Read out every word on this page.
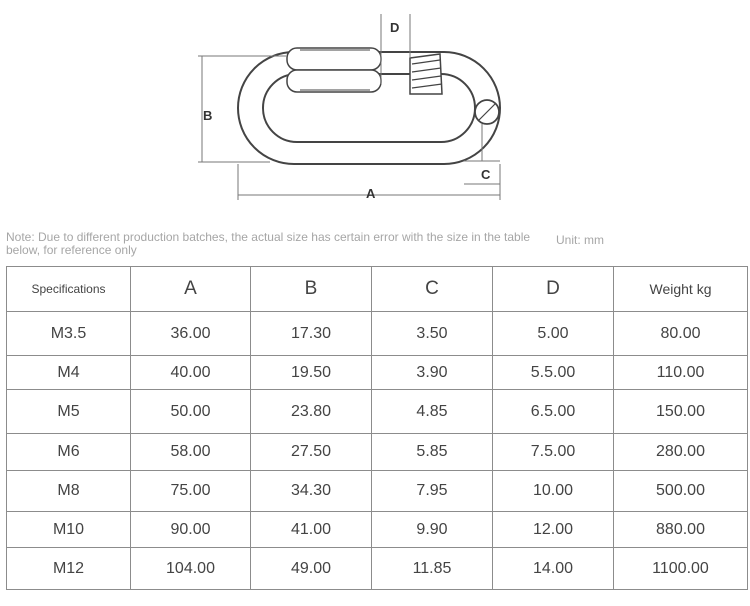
D
B
A
C
Note: Due to different production batches, the actual size has certain error with the size in the table below, for reference only
Unit: mm
Specifications	A	B	C	D	Weight kg
M3.5	36.00	17.30	3.50	5.00	80.00
M4	40.00	19.50	3.90	5.5.00	110.00
M5	50.00	23.80	4.85	6.5.00	150.00
M6	58.00	27.50	5.85	7.5.00	280.00
M8	75.00	34.30	7.95	10.00	500.00
M10	90.00	41.00	9.90	12.00	880.00
M12	104.00	49.00	11.85	14.00	1100.00
